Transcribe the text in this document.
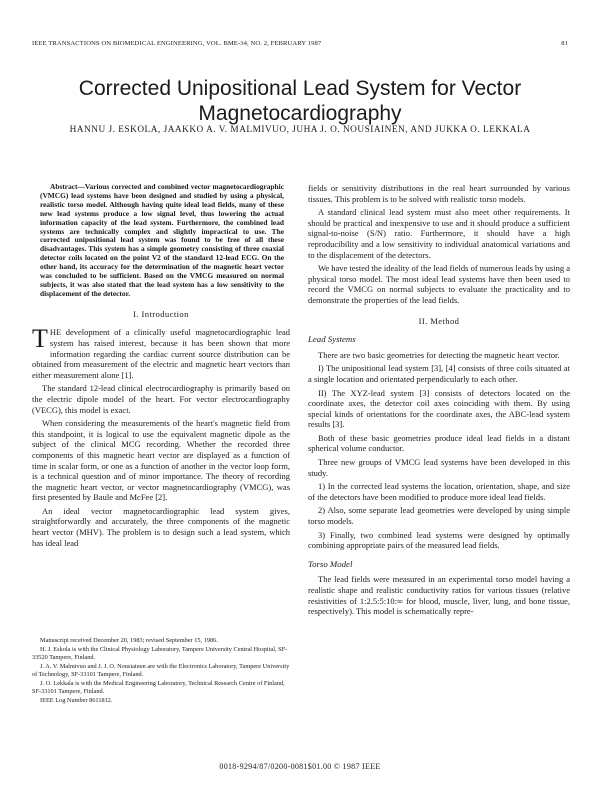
IEEE TRANSACTIONS ON BIOMEDICAL ENGINEERING, VOL. BME-34, NO. 2, FEBRUARY 1987	81
Corrected Unipositional Lead System for Vector Magnetocardiography
HANNU J. ESKOLA, JAAKKO A. V. MALMIVUO, JUHA J. O. NOUSIAINEN, AND JUKKA O. LEKKALA

Abstract—Various corrected and combined vector magnetocardiographic (VMCG) lead systems have been designed and studied by using a physical, realistic torso model. Although having quite ideal lead fields, many of these new lead systems produce a low signal level, thus lowering the actual information capacity of the lead system. Furthermore, the combined lead systems are technically complex and slightly impractical to use. The corrected unipositional lead system was found to be free of all these disadvantages. This system has a simple geometry consisting of three coaxial detector coils located on the point V2 of the standard 12-lead ECG. On the other hand, its accuracy for the determination of the magnetic heart vector was concluded to be sufficient. Based on the VMCG measured on normal subjects, it was also stated that the lead system has a low sensitivity to the displacement of the detector.

I. Introduction

THE development of a clinically useful magnetocardiographic lead system has raised interest, because it has been shown that more information regarding the cardiac current source distribution can be obtained from measurement of the electric and magnetic heart vectors than either measurement alone [1].

The standard 12-lead clinical electrocardiography is primarily based on the electric dipole model of the heart. For vector electrocardiography (VECG), this model is exact.

When considering the measurements of the heart's magnetic field from this standpoint, it is logical to use the equivalent magnetic dipole as the subject of the clinical MCG recording. Whether the recorded three components of this magnetic heart vector are displayed as a function of time in scalar form, or one as a function of another in the vector loop form, is a technical question and of minor importance. The theory of recording the magnetic heart vector, or vector magnetocardiography (VMCG), was first presented by Baule and McFee [2].

An ideal vector magnetocardiographic lead system gives, straightforwardly and accurately, the three components of the magnetic heart vector (MHV). The problem is to design such a lead system, which has ideal lead

Manuscript received December 20, 1983; revised September 15, 1986.

H. J. Eskola is with the Clinical Physiology Laboratory, Tampere University Central Hospital, SF-33520 Tampere, Finland.

J. A. V. Malmivuo and J. J. O. Nousiainen are with the Electronics Laboratory, Tampere University of Technology, SF-33101 Tampere, Finland.

J. O. Lekkala is with the Medical Engineering Laboratory, Technical Research Centre of Finland, SF-33101 Tampere, Finland.

IEEE Log Number 8611812.

fields or sensitivity distributions in the real heart surrounded by various tissues. This problem is to be solved with realistic torso models.

A standard clinical lead system must also meet other requirements. It should be practical and inexpensive to use and it should produce a sufficient signal-to-noise (S/N) ratio. Furthermore, it should have a high reproducibility and a low sensitivity to individual anatomical variations and to the displacement of the detectors.

We have tested the ideality of the lead fields of numerous leads by using a physical torso model. The most ideal lead systems have then been used to record the VMCG on normal subjects to evaluate the practicality and to demonstrate the properties of the lead fields.

II. Method
Lead Systems

There are two basic geometries for detecting the magnetic heart vector.

I) The unipositional lead system [3], [4] consists of three coils situated at a single location and orientated perpendicularly to each other.

II) The XYZ-lead system [3] consists of detectors located on the coordinate axes, the detector coil axes coinciding with them. By using special kinds of orientations for the coordinate axes, the ABC-lead system results [3].

Both of these basic geometries produce ideal lead fields in a distant spherical volume conductor.

Three new groups of VMCG lead systems have been developed in this study.

1) In the corrected lead systems the location, orientation, shape, and size of the detectors have been modified to produce more ideal lead fields.

2) Also, some separate lead geometries were developed by using simple torso models.

3) Finally, two combined lead systems were designed by optimally combining appropriate pairs of the measured lead fields.

Torso Model

The lead fields were measured in an experimental torso model having a realistic shape and realistic conductivity ratios for various tissues (relative resistivities of 1:2.5:5:10:∞ for blood, muscle, liver, lung, and bone tissue, respectively). This model is schematically repre-

0018-9294/87/0200-0081$01.00 © 1987 IEEE
